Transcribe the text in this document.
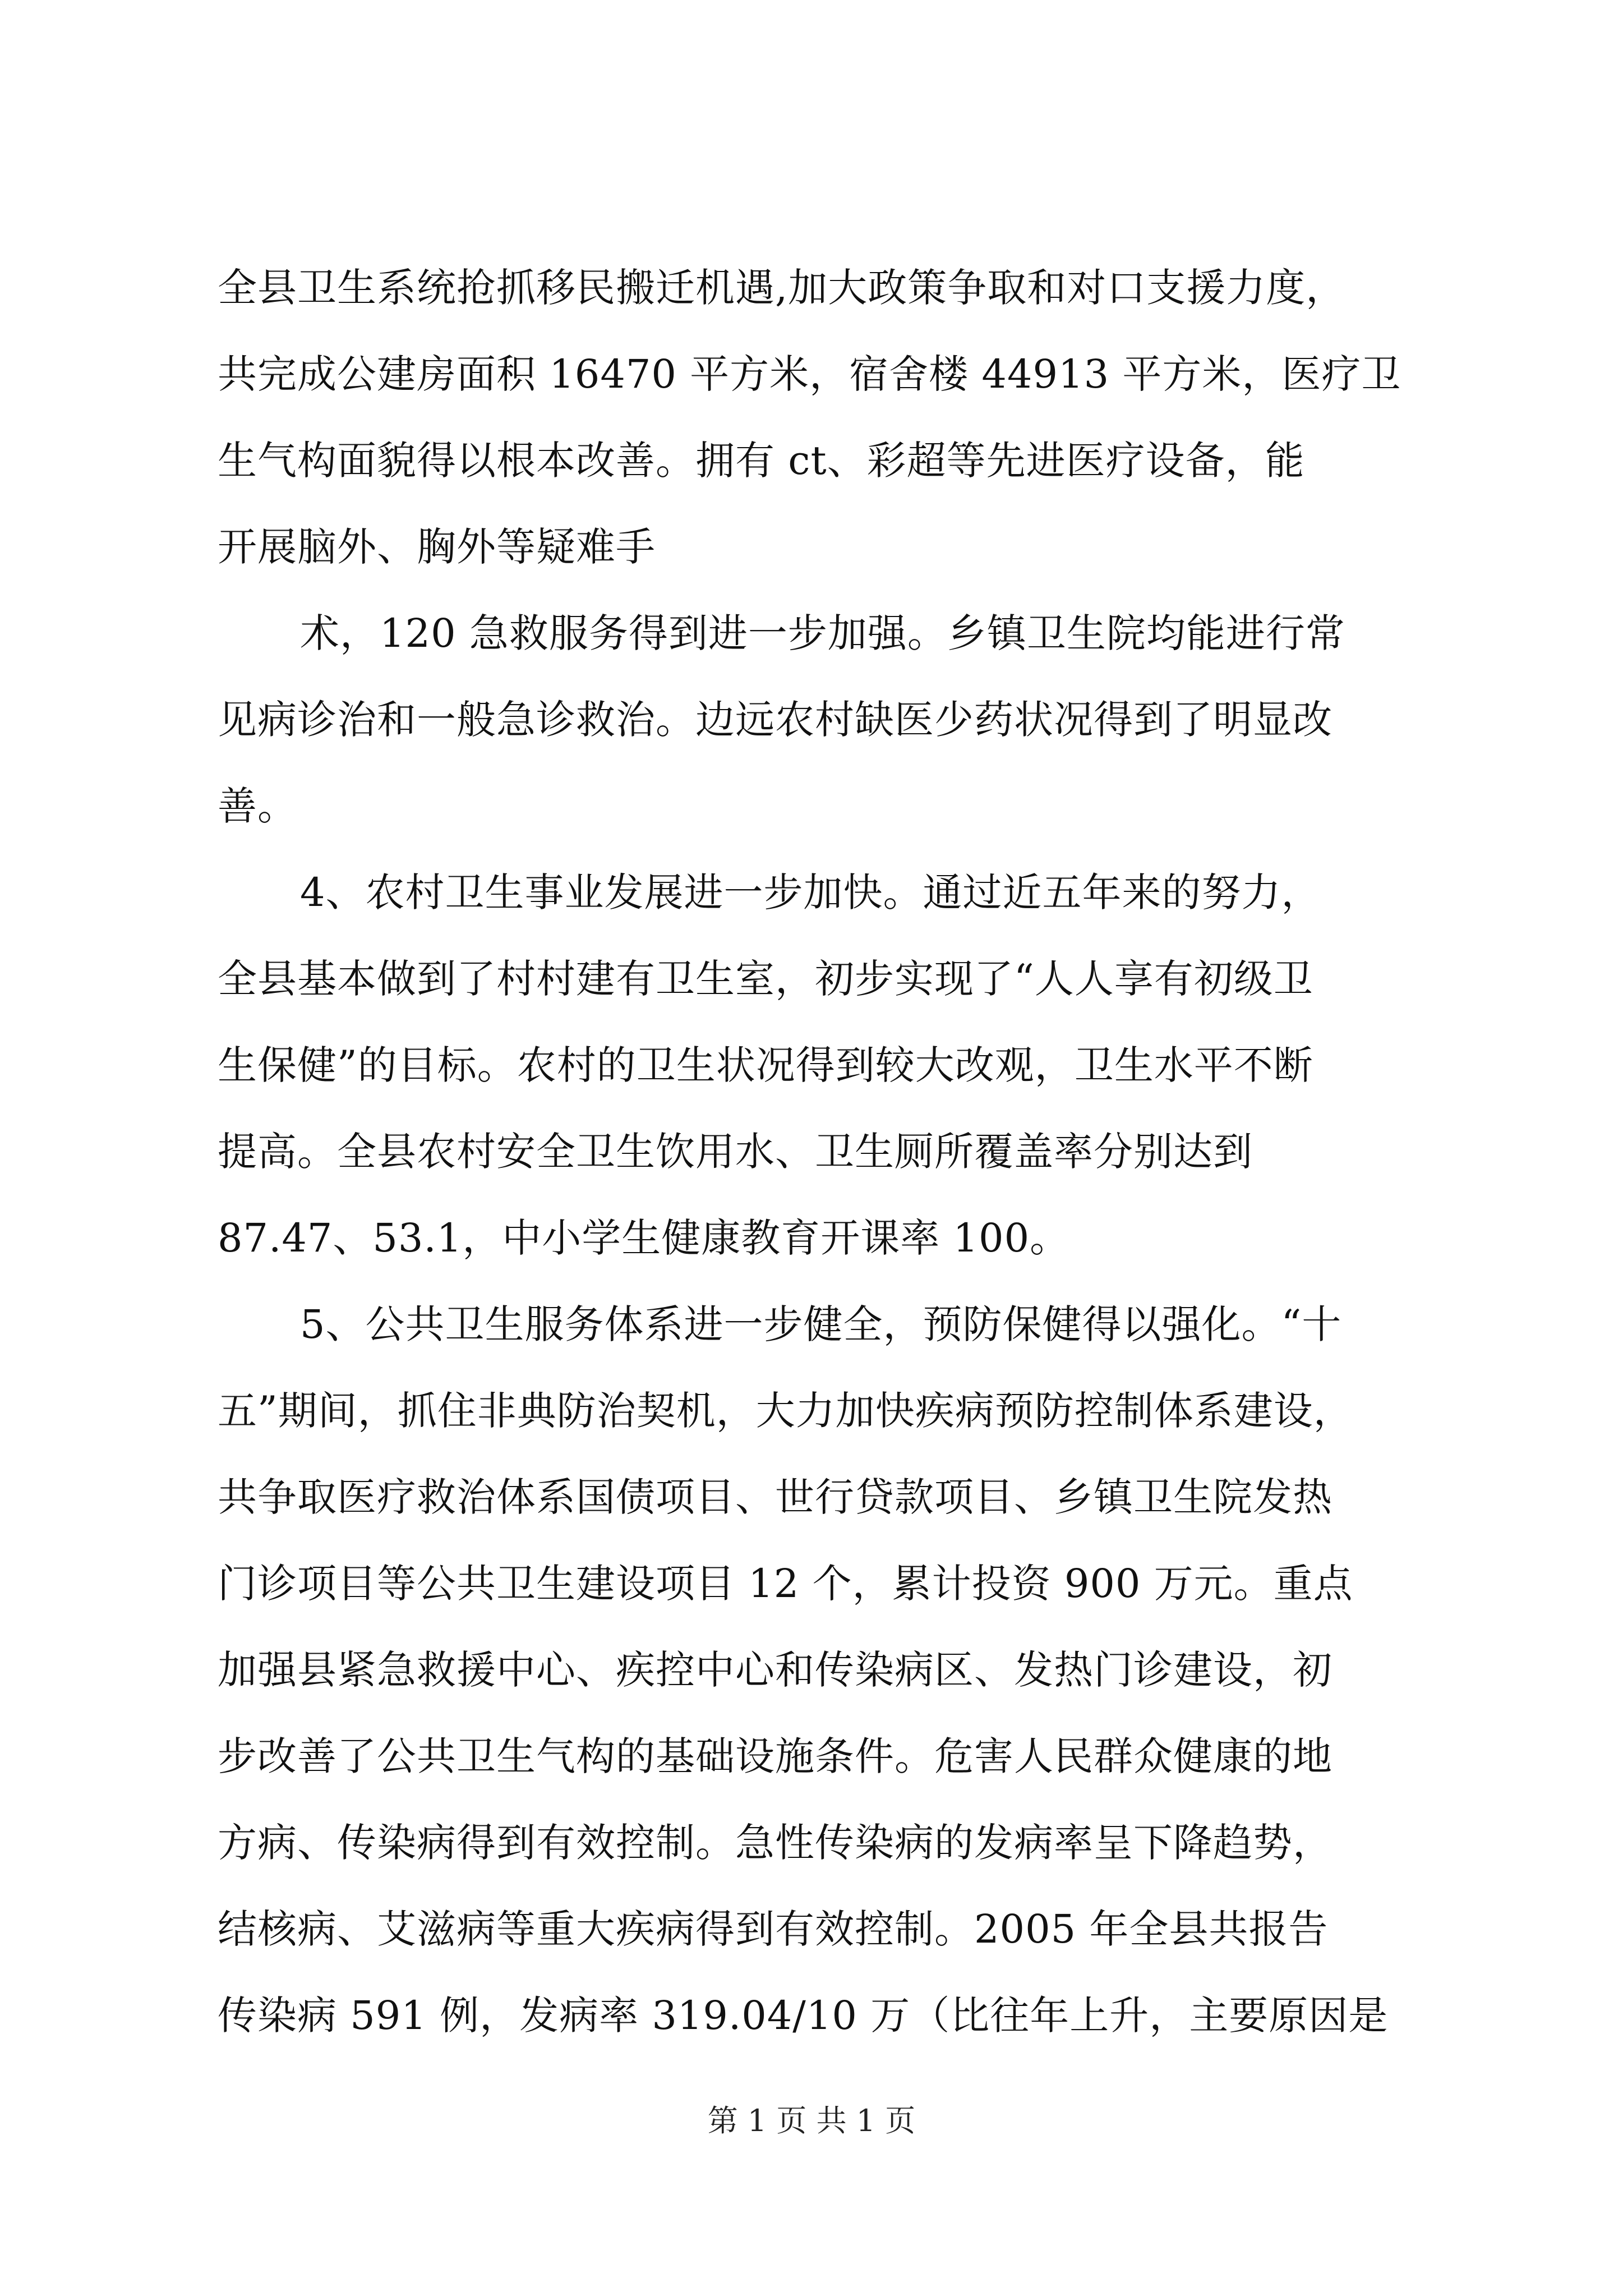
全县卫生系统抢抓移民搬迁机遇,加大政策争取和对口支援力度，
共完成公建房面积 16470 平方米，宿舍楼 44913 平方米，医疗卫
生气构面貌得以根本改善。拥有 ct、彩超等先进医疗设备，能
开展脑外、胸外等疑难手
术，120 急救服务得到进一步加强。乡镇卫生院均能进行常
见病诊治和一般急诊救治。边远农村缺医少药状况得到了明显改
善。
4、农村卫生事业发展进一步加快。通过近五年来的努力，
全县基本做到了村村建有卫生室，初步实现了“人人享有初级卫
生保健”的目标。农村的卫生状况得到较大改观，卫生水平不断
提高。全县农村安全卫生饮用水、卫生厕所覆盖率分别达到
87.47、53.1，中小学生健康教育开课率 100。
5、公共卫生服务体系进一步健全，预防保健得以强化。“十
五”期间，抓住非典防治契机，大力加快疾病预防控制体系建设，
共争取医疗救治体系国债项目、世行贷款项目、乡镇卫生院发热
门诊项目等公共卫生建设项目 12 个，累计投资 900 万元。重点
加强县紧急救援中心、疾控中心和传染病区、发热门诊建设，初
步改善了公共卫生气构的基础设施条件。危害人民群众健康的地
方病、传染病得到有效控制。急性传染病的发病率呈下降趋势，
结核病、艾滋病等重大疾病得到有效控制。2005 年全县共报告
传染病 591 例，发病率 319.04/10 万（比往年上升，主要原因是
第 1 页 共 1 页
